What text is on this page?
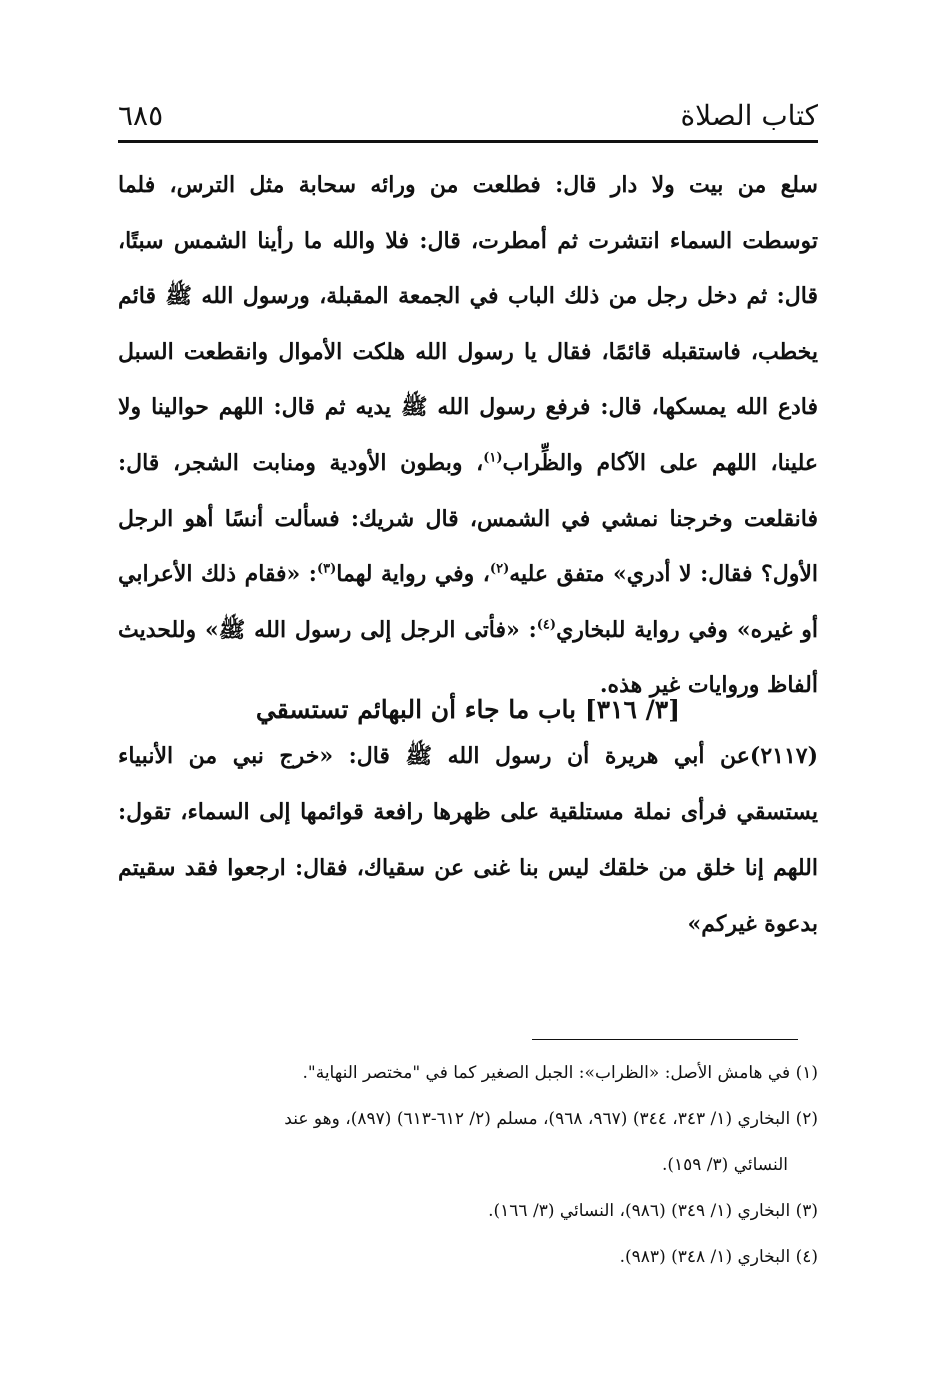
كتاب الصلاة
٦٨٥

سلع من بيت ولا دار قال: فطلعت من ورائه سحابة مثل الترس، فلما توسطت السماء انتشرت ثم أمطرت، قال: فلا والله ما رأينا الشمس سبتًا، قال: ثم دخل رجل من ذلك الباب في الجمعة المقبلة، ورسول الله ﷺ قائم يخطب، فاستقبله قائمًا، فقال يا رسول الله هلكت الأموال وانقطعت السبل فادع الله يمسكها، قال: فرفع رسول الله ﷺ يديه ثم قال: اللهم حوالينا ولا علينا، اللهم على الآكام والظِّراب$^{(١)}$، وبطون الأودية ومنابت الشجر، قال: فانقلعت وخرجنا نمشي في الشمس، قال شريك: فسألت أنسًا أهو الرجل الأول؟ فقال: لا أدري» متفق عليه$^{(٢)}$، وفي رواية لهما$^{(٣)}$: «فقام ذلك الأعرابي أو غيره» وفي رواية للبخاري$^{(٤)}$: «فأتى الرجل إلى رسول الله ﷺ» وللحديث ألفاظ وروايات غير هذه.

[٣/ ٣١٦] باب ما جاء أن البهائم تستسقي
(٢١١٧)عن أبي هريرة أن رسول الله ﷺ قال: «خرج نبي من الأنبياء يستسقي فرأى نملة مستلقية على ظهرها رافعة قوائمها إلى السماء، تقول: اللهم إنا خلق من خلقك ليس بنا غنى عن سقياك، فقال: ارجعوا فقد سقيتم بدعوة غيركم»

(١) في هامش الأصل: «الظراب»: الجبل الصغير كما في "مختصر النهاية".

(٢) البخاري (١/ ٣٤٣، ٣٤٤) (٩٦٧، ٩٦٨)، مسلم (٢/ ٦١٢-٦١٣) (٨٩٧)، وهو عند

النسائي (٣/ ١٥٩).

(٣) البخاري (١/ ٣٤٩) (٩٨٦)، النسائي (٣/ ١٦٦).

(٤) البخاري (١/ ٣٤٨) (٩٨٣).
